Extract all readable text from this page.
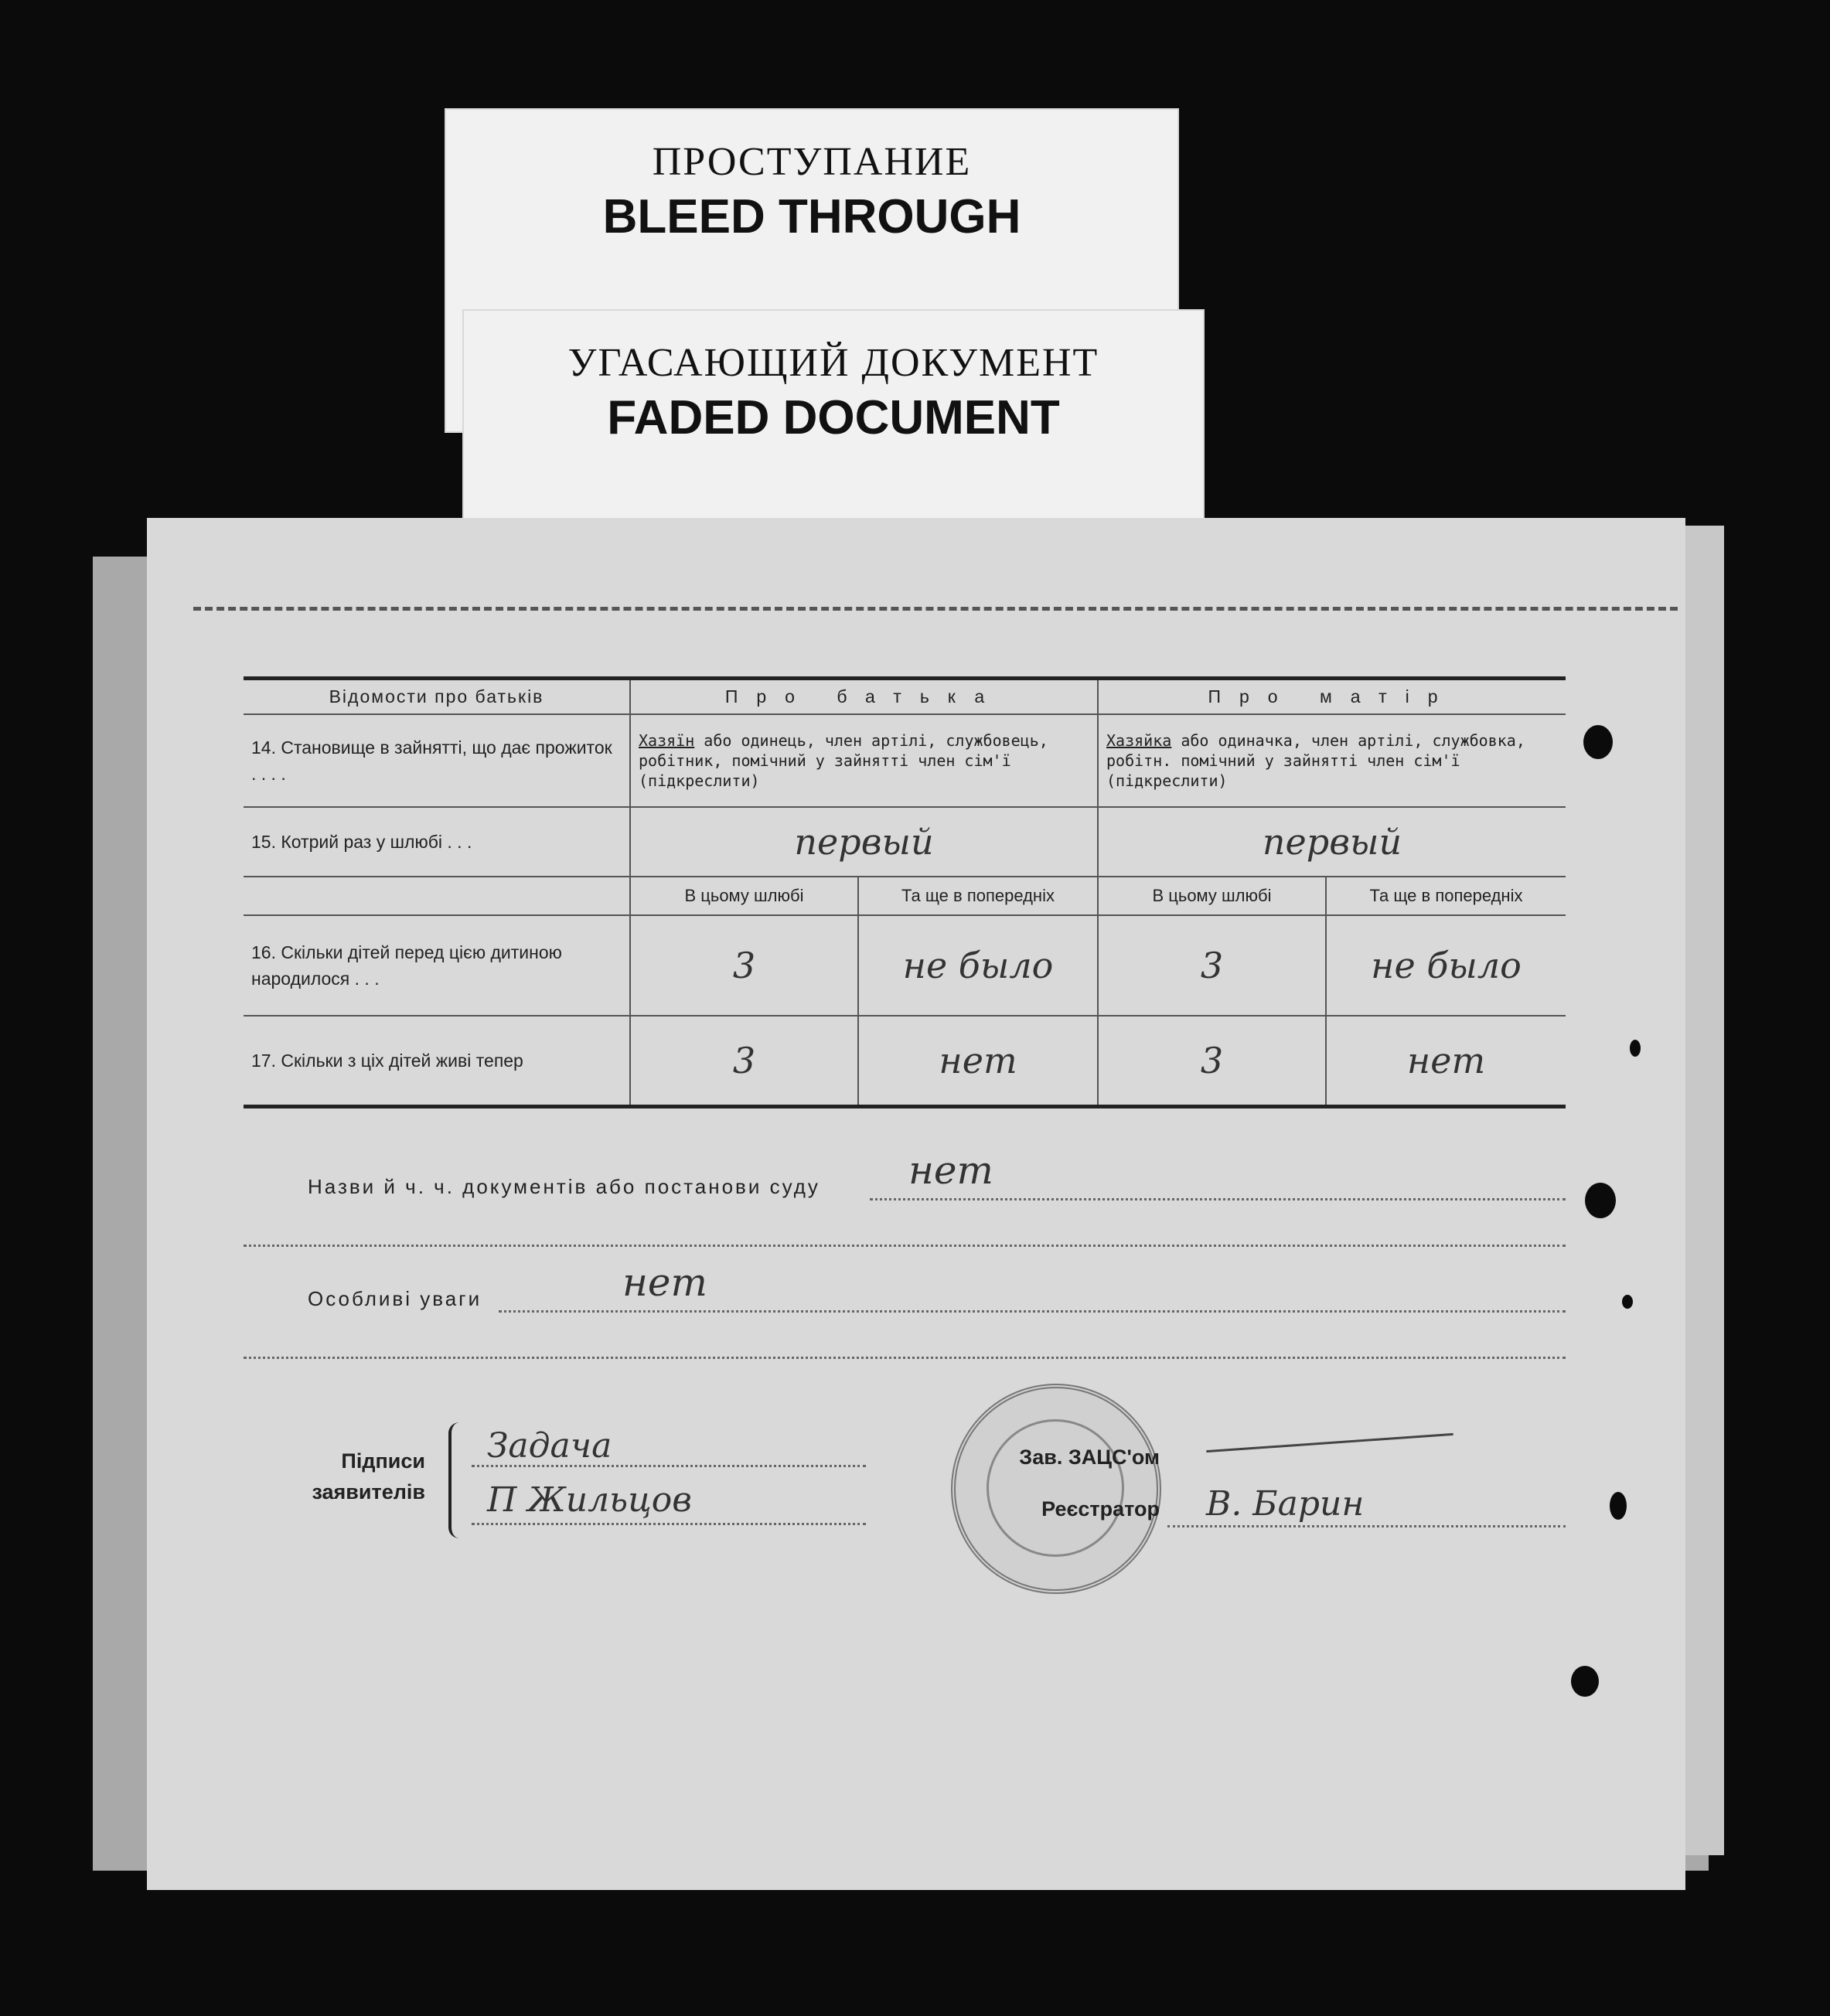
ПРОСТУПАНИЕ
BLEED THROUGH
УГАСАЮЩИЙ ДОКУМЕНТ
FADED DOCUMENT
Відомости про батьків	Про батька		Про матір	
14. Становище в зайнятті, що дає прожиток . . . .	Хазяїн або одинець, член артілі, службовець, робітник, помічний у зайнятті член сім'ї (підкреслити)		Хазяйка або одиначка, член артілі, службовка, робітн. помічний у зайнятті член сім'ї (підкреслити)	
15. Котрий раз у шлюбі . . .	первый		первый	
	В цьому шлюбі	Та ще в попередніх	В цьому шлюбі	Та ще в попередніх
16. Скільки дітей перед цією дитиною народилося . . .	3	не было	3	не было
17. Скільки з ціх дітей живі тепер	3	нет	3	нет
Назви й ч. ч. документів або постанови суду нет
Особливі уваги	нет
Підписи заявителів
Задача
П Жильцов
Зав. ЗАЦС'ом
Реєстратор В. Барин
